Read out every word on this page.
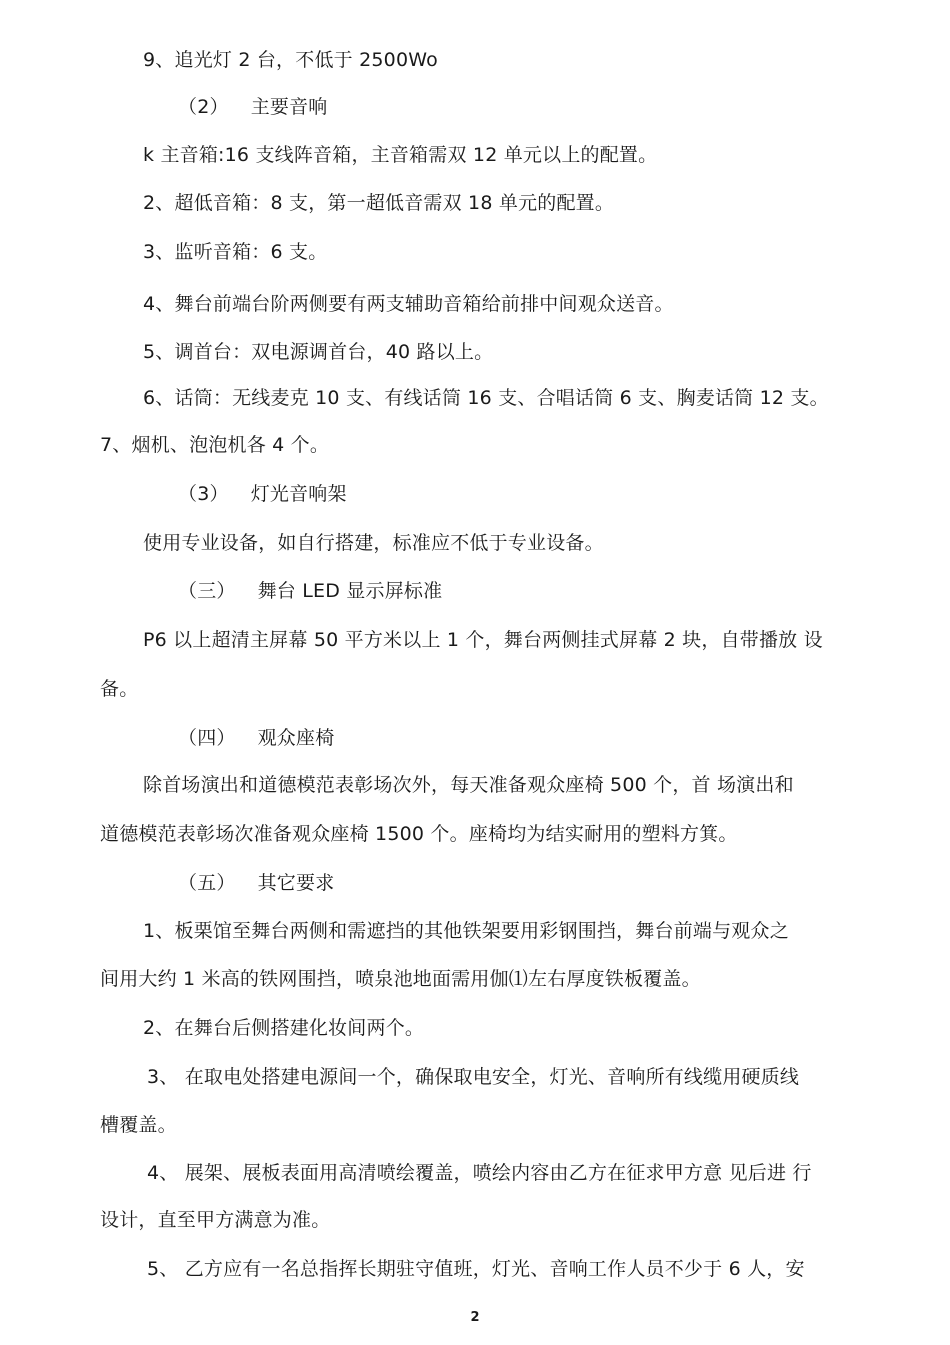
9、追光灯 2 台，不低于 2500Wo
（2） 主要音响
k 主音箱:16 支线阵音箱，主音箱需双 12 单元以上的配置。
2、超低音箱：8 支，第一超低音需双 18 单元的配置。
3、监听音箱：6 支。
4、舞台前端台阶两侧要有两支辅助音箱给前排中间观众送音。
5、调首台：双电源调首台，40 路以上。
6、话筒：无线麦克 10 支、有线话筒 16 支、合唱话筒 6 支、胸麦话筒 12 支。
7、烟机、泡泡机各 4 个。
（3） 灯光音响架
使用专业设备，如自行搭建，标准应不低于专业设备。
（三） 舞台 LED 显示屏标准
P6 以上超清主屏幕 50 平方米以上 1 个，舞台两侧挂式屏幕 2 块，自带播放 设
备。
（四） 观众座椅
除首场演出和道德模范表彰场次外，每天准备观众座椅 500 个，首 场演出和
道德模范表彰场次准备观众座椅 1500 个。座椅均为结实耐用的塑料方箕。
（五） 其它要求
1、板栗馆至舞台两侧和需遮挡的其他铁架要用彩钢围挡，舞台前端与观众之
间用大约 1 米高的铁网围挡，喷泉池地面需用伽⑴左右厚度铁板覆盖。
2、在舞台后侧搭建化妆间两个。
3、 在取电处搭建电源间一个，确保取电安全，灯光、音响所有线缆用硬质线
槽覆盖。
4、 展架、展板表面用高清喷绘覆盖，喷绘内容由乙方在征求甲方意 见后进 行
设计，直至甲方满意为准。
5、 乙方应有一名总指挥长期驻守值班，灯光、音响工作人员不少于 6 人，安
2
